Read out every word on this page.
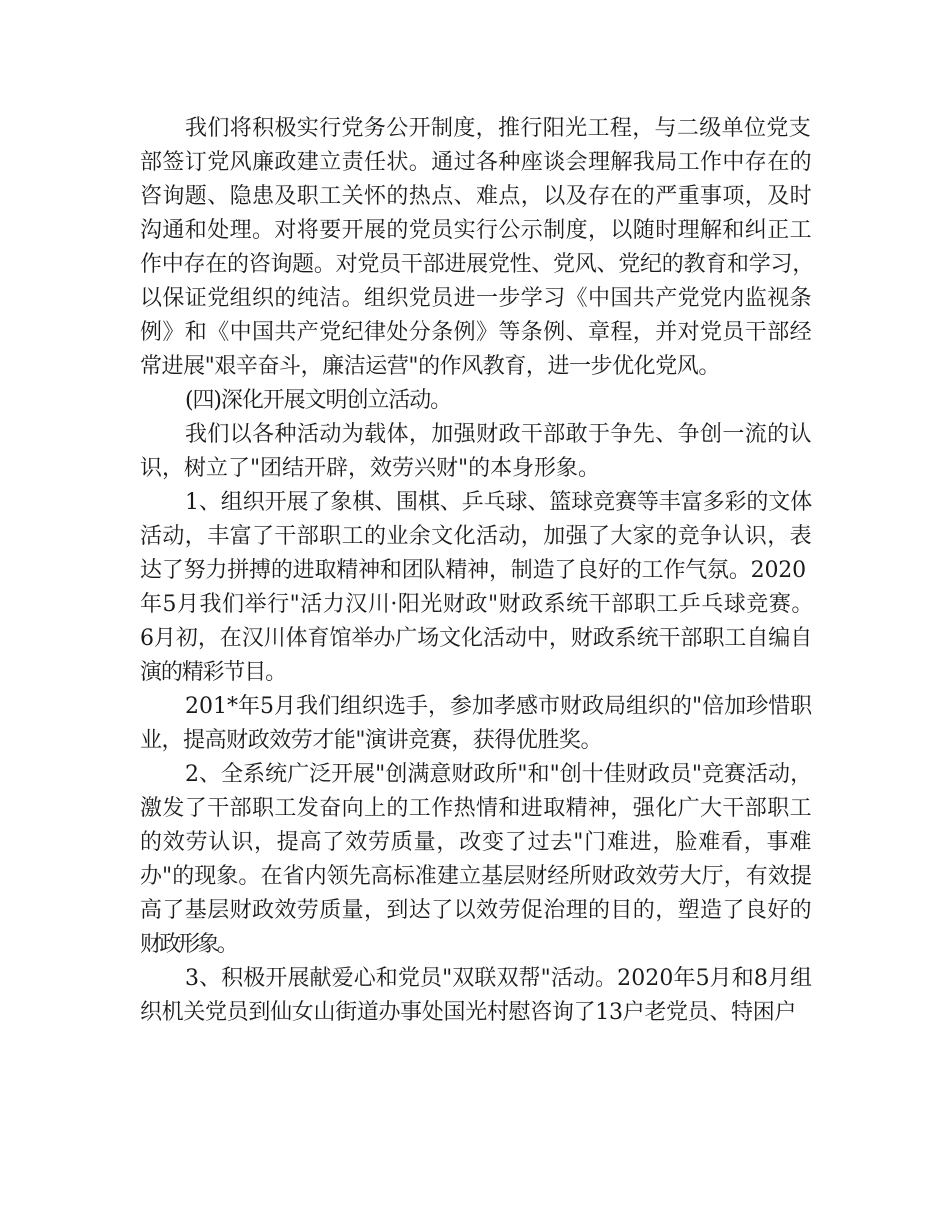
我们将积极实行党务公开制度，推行阳光工程，与二级单位党支
部签订党风廉政建立责任状。通过各种座谈会理解我局工作中存在的
咨询题、隐患及职工关怀的热点、难点，以及存在的严重事项，及时
沟通和处理。对将要开展的党员实行公示制度，以随时理解和纠正工
作中存在的咨询题。对党员干部进展党性、党风、党纪的教育和学习，
以保证党组织的纯洁。组织党员进一步学习《中国共产党党内监视条
例》和《中国共产党纪律处分条例》等条例、章程，并对党员干部经
常进展"艰辛奋斗，廉洁运营"的作风教育，进一步优化党风。
(四)深化开展文明创立活动。
我们以各种活动为载体，加强财政干部敢于争先、争创一流的认
识，树立了"团结开辟，效劳兴财"的本身形象。
1、组织开展了象棋、围棋、乒乓球、篮球竞赛等丰富多彩的文体
活动，丰富了干部职工的业余文化活动，加强了大家的竞争认识，表
达了努力拼搏的进取精神和团队精神，制造了良好的工作气氛。2020
年5月我们举行"活力汉川·阳光财政"财政系统干部职工乒乓球竞赛。
6月初，在汉川体育馆举办广场文化活动中，财政系统干部职工自编自
演的精彩节目。
201*年5月我们组织选手，参加孝感市财政局组织的"倍加珍惜职
业，提高财政效劳才能"演讲竞赛，获得优胜奖。
2、全系统广泛开展"创满意财政所"和"创十佳财政员"竞赛活动，
激发了干部职工发奋向上的工作热情和进取精神，强化广大干部职工
的效劳认识，提高了效劳质量，改变了过去"门难进，脸难看，事难
办"的现象。在省内领先高标准建立基层财经所财政效劳大厅，有效提
高了基层财政效劳质量，到达了以效劳促治理的目的，塑造了良好的
财政形象。
3、积极开展献爱心和党员"双联双帮"活动。2020年5月和8月组
织机关党员到仙女山街道办事处国光村慰咨询了13户老党员、特困户
